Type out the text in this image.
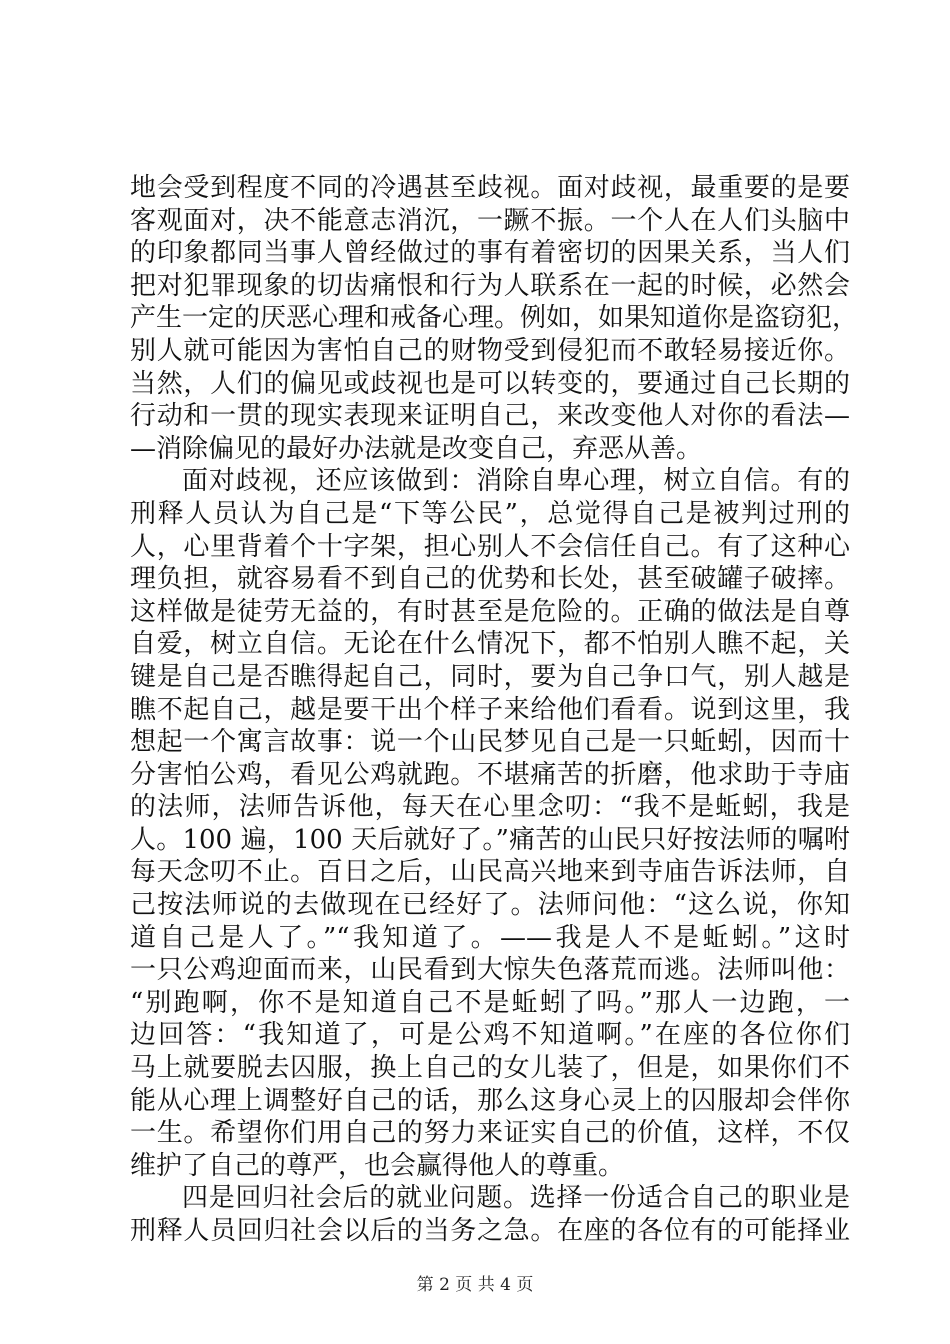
地会受到程度不同的冷遇甚至歧视。面对歧视，最重要的是要
客观面对，决不能意志消沉，一蹶不振。一个人在人们头脑中
的印象都同当事人曾经做过的事有着密切的因果关系，当人们
把对犯罪现象的切齿痛恨和行为人联系在一起的时候，必然会
产生一定的厌恶心理和戒备心理。例如，如果知道你是盗窃犯，
别人就可能因为害怕自己的财物受到侵犯而不敢轻易接近你。
当然，人们的偏见或歧视也是可以转变的，要通过自己长期的
行动和一贯的现实表现来证明自己，来改变他人对你的看法—
—消除偏见的最好办法就是改变自己，弃恶从善。
面对歧视，还应该做到：消除自卑心理，树立自信。有的
刑释人员认为自己是“下等公民”，总觉得自己是被判过刑的
人，心里背着个十字架，担心别人不会信任自己。有了这种心
理负担，就容易看不到自己的优势和长处，甚至破罐子破摔。
这样做是徒劳无益的，有时甚至是危险的。正确的做法是自尊
自爱，树立自信。无论在什么情况下，都不怕别人瞧不起，关
键是自己是否瞧得起自己，同时，要为自己争口气，别人越是
瞧不起自己，越是要干出个样子来给他们看看。说到这里，我
想起一个寓言故事：说一个山民梦见自己是一只蚯蚓，因而十
分害怕公鸡，看见公鸡就跑。不堪痛苦的折磨，他求助于寺庙
的法师，法师告诉他，每天在心里念叨：“我不是蚯蚓，我是
人。100 遍，100 天后就好了。”痛苦的山民只好按法师的嘱咐
每天念叨不止。百日之后，山民高兴地来到寺庙告诉法师，自
己按法师说的去做现在已经好了。法师问他：“这么说，你知
道自己是人了。”“我知道了。——我是人不是蚯蚓。”这时
一只公鸡迎面而来，山民看到大惊失色落荒而逃。法师叫他：
“别跑啊，你不是知道自己不是蚯蚓了吗。”那人一边跑，一
边回答：“我知道了，可是公鸡不知道啊。”在座的各位你们
马上就要脱去囚服，换上自己的女儿装了，但是，如果你们不
能从心理上调整好自己的话，那么这身心灵上的囚服却会伴你
一生。希望你们用自己的努力来证实自己的价值，这样，不仅
维护了自己的尊严，也会赢得他人的尊重。
四是回归社会后的就业问题。选择一份适合自己的职业是
刑释人员回归社会以后的当务之急。在座的各位有的可能择业
第 2 页 共 4 页
